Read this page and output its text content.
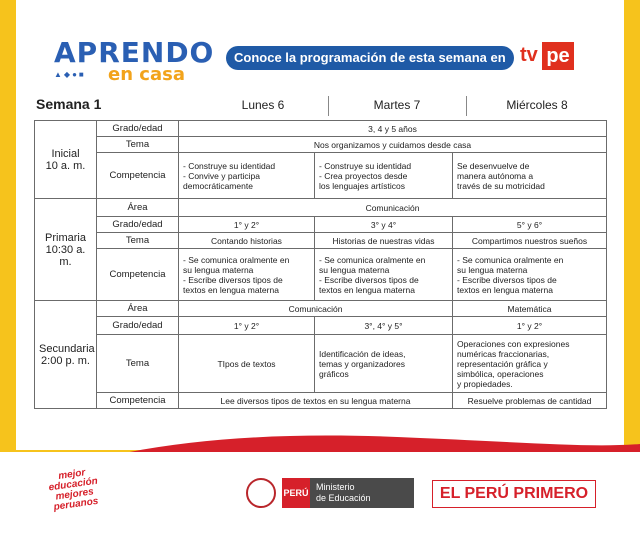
APRENDO
▲◆●■ en casa
Conoce la programación de esta semana en tv pe
Semana 1	Lunes 6	Martes 7	Miércoles 8
Inicial
10 a. m.	Grado/edad	3, 4 y 5 años		
	Tema	Nos organizamos y cuidamos desde casa		
	Competencia	- Construye su identidad
- Convive y participa
democráticamente	- Construye su identidad
- Crea proyectos desde
los lenguajes artísticos	Se desenvuelve de
manera autónoma a
través de su motricidad
Primaria
10:30 a. m.	Área	Comunicación		
	Grado/edad	1° y 2°	3° y 4°	5° y 6°
	Tema	Contando historias	Historias de nuestras vidas	Compartimos nuestros sueños
	Competencia	- Se comunica oralmente en
su lengua materna
- Escribe diversos tipos de
textos en lengua materna	- Se comunica oralmente en
su lengua materna
- Escribe diversos tipos de
textos en lengua materna	- Se comunica oralmente en
su lengua materna
- Escribe diversos tipos de
textos en lengua materna
Secundaria
2:00 p. m.	Área	Comunicación		Matemática
	Grado/edad	1° y 2°	3°, 4° y 5°	1° y 2°
	Tema	TIpos de textos	Identificación de ideas,
temas y organizadores
gráficos	Operaciones con expresiones
numéricas fraccionarias,
representación gráfica y
simbólica, operaciones
y propiedades.
	Competencia	Lee diversos tipos de textos en su lengua materna		Resuelve problemas de cantidad
mejor
educación
mejores
peruanos
PERÚ
Ministerio
de Educación	EL PERÚ PRIMERO
